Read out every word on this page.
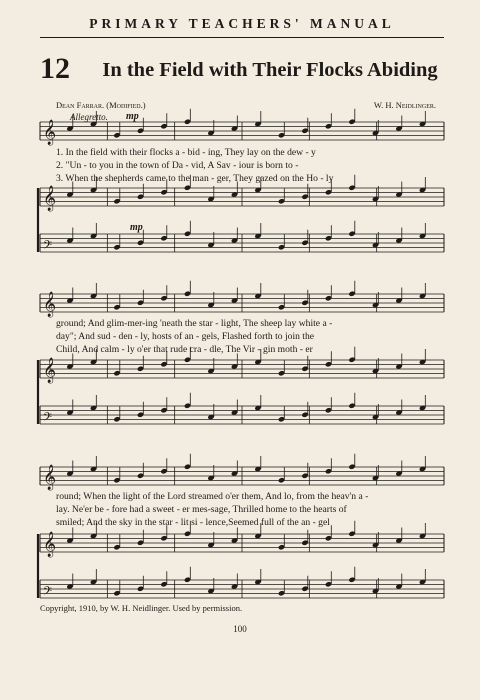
PRIMARY TEACHERS' MANUAL
12 In the Field with Their Flocks Abiding
Dean Farrar. (Modified.)	W. H. Neidlinger.
Allegretto. mp
mp
𝄞
𝄞
𝄢
𝄞
𝄞
𝄢
𝄞
𝄞
𝄢
1. In the field with their flocks a - bid - ing, They lay on the dew - y
2. "Un - to you in the town of Da - vid, A Sav - iour is born to -
3. When the shepherds came to the man - ger, They gazed on the Ho - ly
ground; And glim-mer-ing 'neath the star - light, The sheep lay white a -
day"; And sud - den - ly, hosts of an - gels, Flashed forth to join the
Child, And calm - ly o'er that rude cra - dle, The Vir - gin moth - er
round; When the light of the Lord streamed o'er them, And lo, from the heav'n a -
lay. Ne'er be - fore had a sweet - er mes-sage, Thrilled home to the hearts of
smiled; And the sky in the star - lit si - lence,Seemed full of the an - gel
Copyright, 1910, by W. H. Neidlinger. Used by permission.
100
